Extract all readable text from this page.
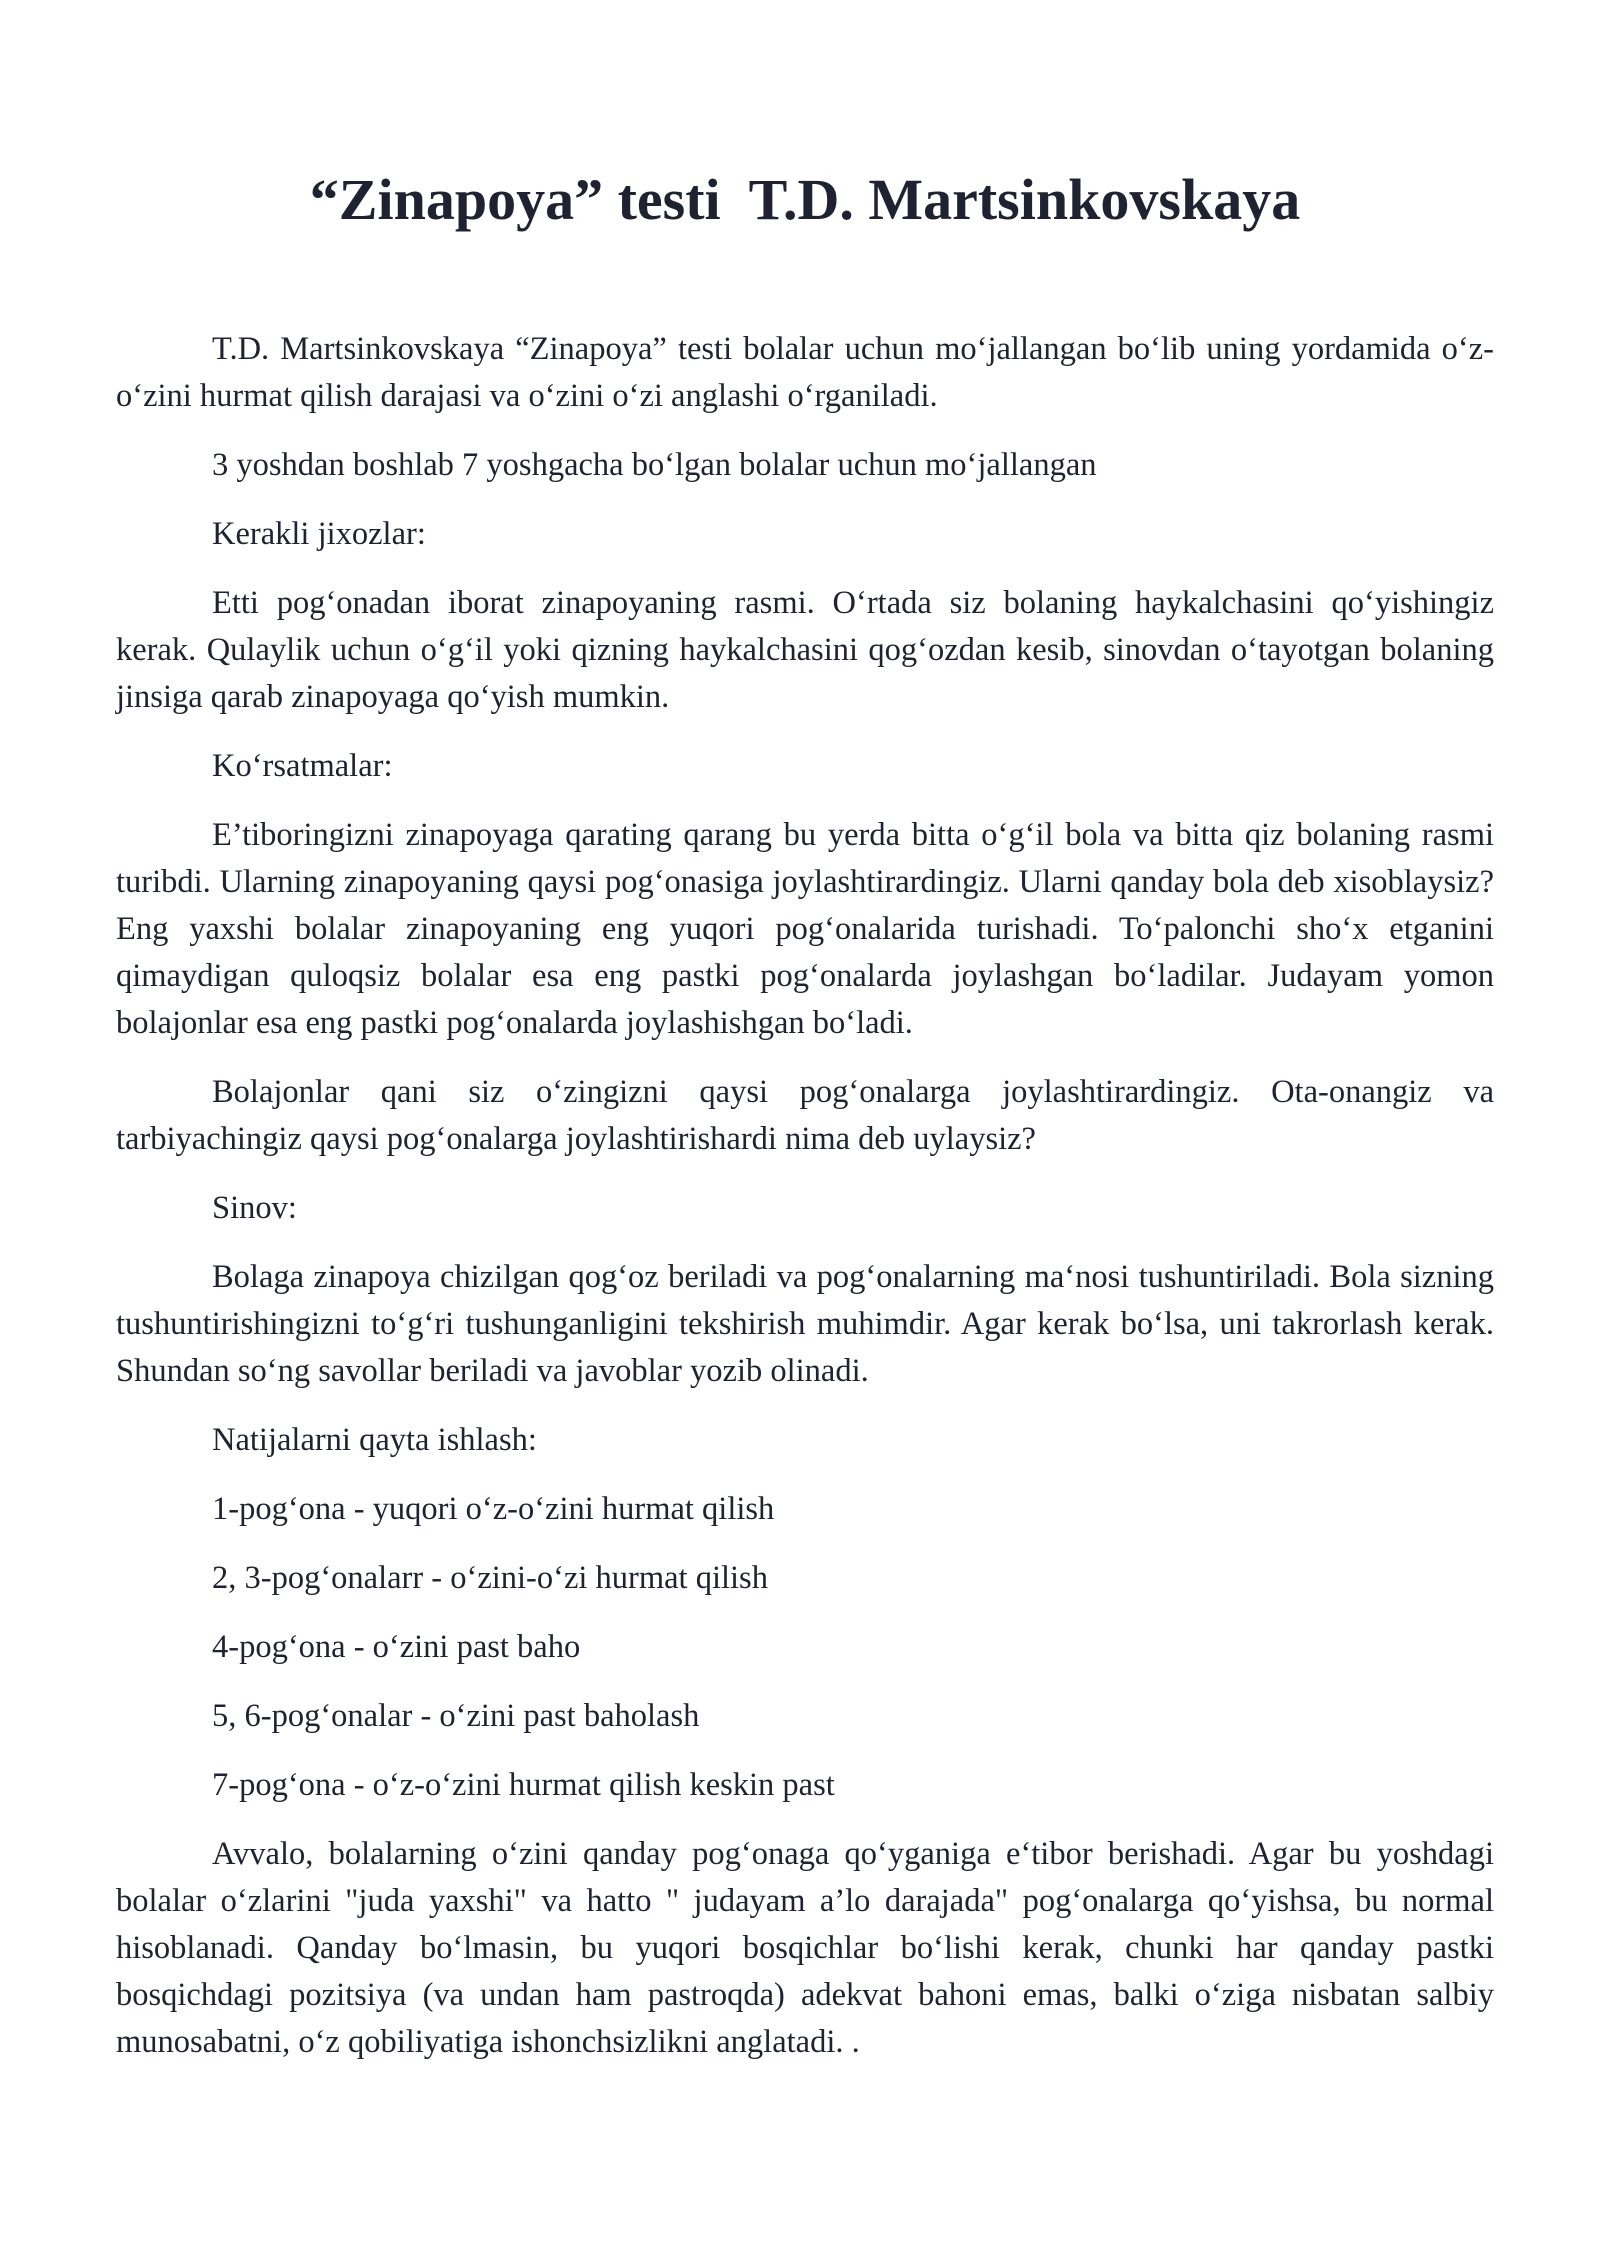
“Zinapoya” testi  T.D. Martsinkovskaya

T.D. Martsinkovskaya “Zinapoya” testi bolalar uchun moʻjallangan boʻlib uning yordamida oʻz-oʻzini hurmat qilish darajasi va oʻzini oʻzi anglashi oʻrganiladi.

3 yoshdan boshlab 7 yoshgacha boʻlgan bolalar uchun moʻjallangan

Kerakli jixozlar:

Etti pogʻonadan iborat zinapoyaning rasmi. Oʻrtada siz bolaning haykalchasini qoʻyishingiz kerak. Qulaylik uchun oʻgʻil yoki qizning haykalchasini qogʻozdan kesib, sinovdan oʻtayotgan bolaning jinsiga qarab zinapoyaga qoʻyish mumkin.

Koʻrsatmalar:

E’tiboringizni zinapoyaga qarating qarang bu yerda bitta oʻgʻil bola va bitta qiz bolaning rasmi turibdi. Ularning zinapoyaning qaysi pogʻonasiga joylashtirardingiz. Ularni qanday bola deb xisoblaysiz? Eng yaxshi bolalar zinapoyaning eng yuqori pogʻonalarida turishadi. Toʻpalonchi shoʻx etganini qimaydigan quloqsiz bolalar esa eng pastki pogʻonalarda joylashgan boʻladilar. Judayam yomon bolajonlar esa eng pastki pogʻonalarda joylashishgan boʻladi.

Bolajonlar qani siz oʻzingizni qaysi pogʻonalarga joylashtirardingiz. Ota-onangiz va tarbiyachingiz qaysi pogʻonalarga joylashtirishardi nima deb uylaysiz?

Sinov:

Bolaga zinapoya chizilgan qogʻoz beriladi va pogʻonalarning maʻnosi tushuntiriladi. Bola sizning tushuntirishingizni toʻgʻri tushunganligini tekshirish muhimdir. Agar kerak boʻlsa, uni takrorlash kerak. Shundan soʻng savollar beriladi va javoblar yozib olinadi.

Natijalarni qayta ishlash:

1-pogʻona - yuqori oʻz-oʻzini hurmat qilish

2, 3-pogʻonalarr - oʻzini-oʻzi hurmat qilish

4-pogʻona - oʻzini past baho

5, 6-pogʻonalar - oʻzini past baholash

7-pogʻona - oʻz-oʻzini hurmat qilish keskin past

Avvalo, bolalarning oʻzini qanday pogʻonaga qoʻyganiga eʻtibor berishadi. Agar bu yoshdagi bolalar oʻzlarini "juda yaxshi" va hatto " judayam a’lo darajada" pogʻonalarga qoʻyishsa, bu normal hisoblanadi. Qanday boʻlmasin, bu yuqori bosqichlar boʻlishi kerak, chunki har qanday pastki bosqichdagi pozitsiya (va undan ham pastroqda) adekvat bahoni emas, balki oʻziga nisbatan salbiy munosabatni, oʻz qobiliyatiga ishonchsizlikni anglatadi. .
